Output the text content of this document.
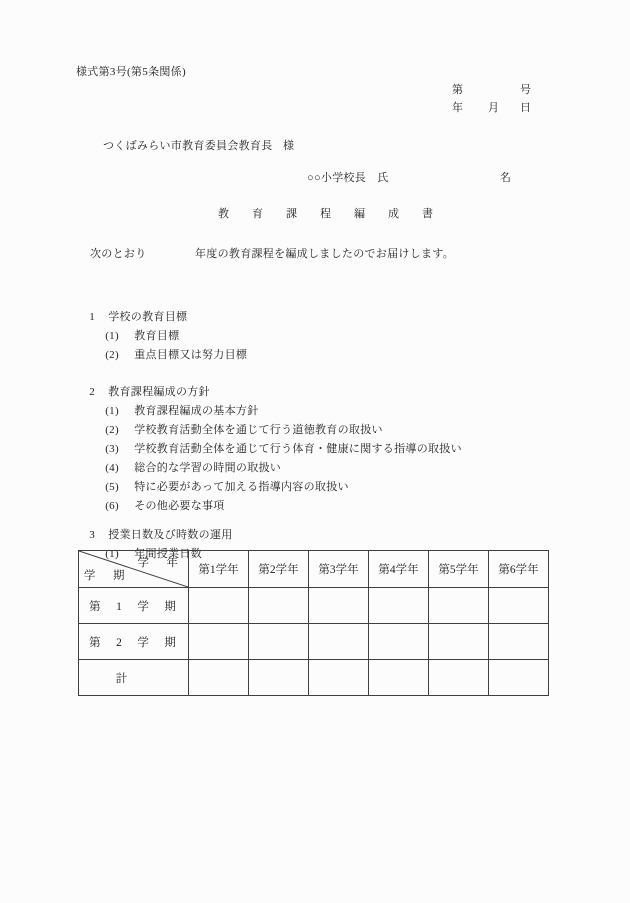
様式第3号(第5条関係)
第	号
年 月 日
つくばみらい市教育委員会教育長 様
○○小学校長　氏	名
教　育　課　程　編　成　書
次のとおり	年度の教育課程を編成しましたのでお届けします。

1 学校の教育目標

(1) 教育目標

(2) 重点目標又は努力目標

2 教育課程編成の方針

(1) 教育課程編成の基本方針

(2) 学校教育活動全体を通じて行う道徳教育の取扱い

(3) 学校教育活動全体を通じて行う体育・健康に関する指導の取扱い

(4) 総合的な学習の時間の取扱い

(5) 特に必要があって加える指導内容の取扱い

(6) その他必要な事項

3 授業日数及び時数の運用

(1) 年間授業日数

学　年
学　期	第1学年	第2学年	第3学年	第4学年	第5学年	第6学年
第　1　学　期						
第　2　学　期						
計						
